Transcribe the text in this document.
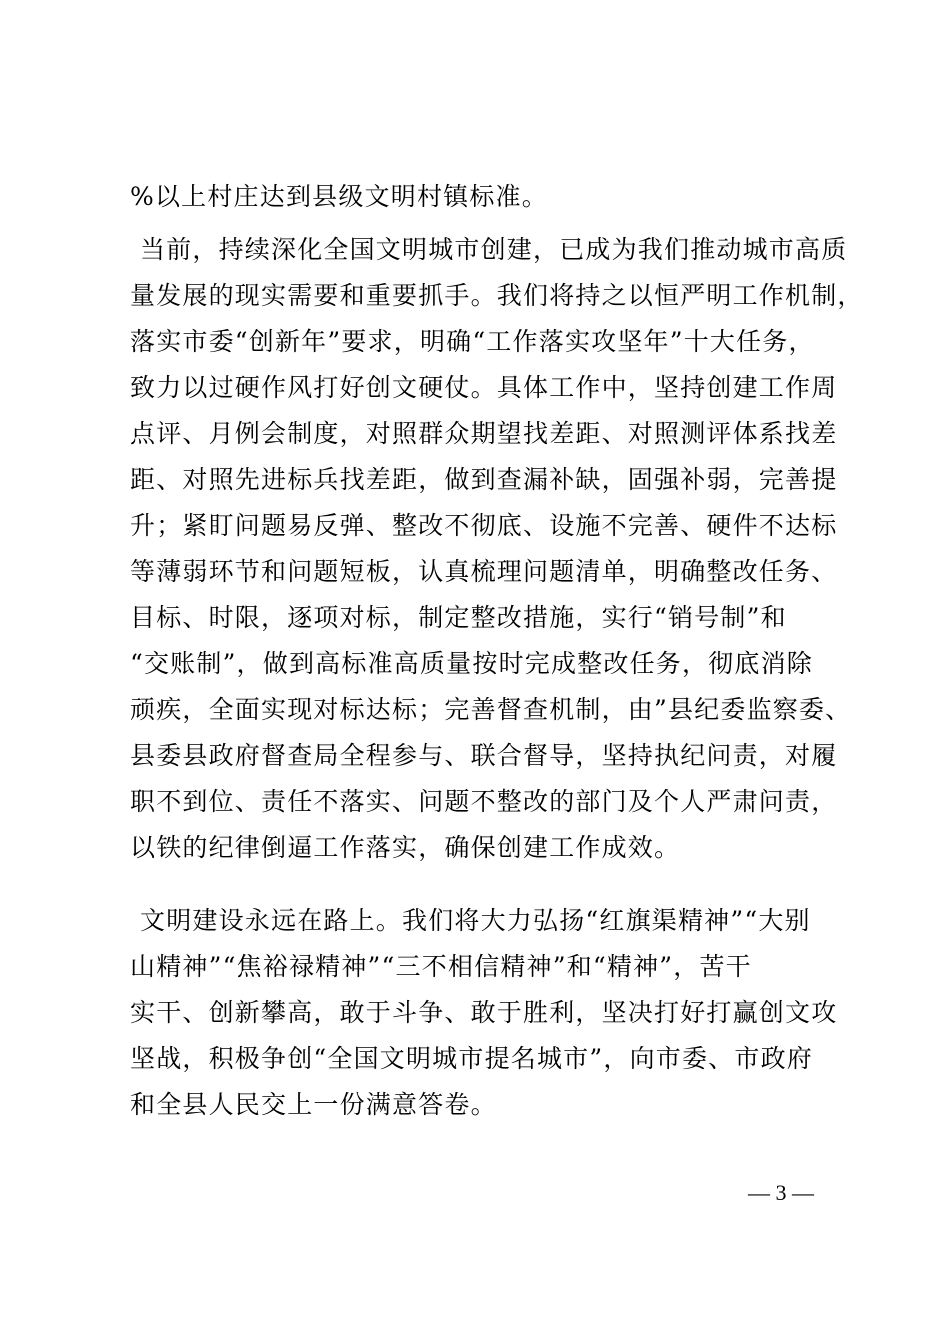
%以上村庄达到县级文明村镇标准。
当前，持续深化全国文明城市创建，已成为我们推动城市高质
量发展的现实需要和重要抓手。我们将持之以恒严明工作机制，
落实市委“创新年”要求，明确“工作落实攻坚年”十大任务，
致力以过硬作风打好创文硬仗。具体工作中，坚持创建工作周
点评、月例会制度，对照群众期望找差距、对照测评体系找差
距、对照先进标兵找差距，做到查漏补缺，固强补弱，完善提
升；紧盯问题易反弹、整改不彻底、设施不完善、硬件不达标
等薄弱环节和问题短板，认真梳理问题清单，明确整改任务、
目标、时限，逐项对标，制定整改措施，实行“销号制”和
“交账制”，做到高标准高质量按时完成整改任务，彻底消除
顽疾，全面实现对标达标；完善督查机制，由”县纪委监察委、
县委县政府督查局全程参与、联合督导，坚持执纪问责，对履
职不到位、责任不落实、问题不整改的部门及个人严肃问责，
以铁的纪律倒逼工作落实，确保创建工作成效。
文明建设永远在路上。我们将大力弘扬“红旗渠精神”“大别
山精神”“焦裕禄精神”“三不相信精神”和“精神”，苦干
实干、创新攀高，敢于斗争、敢于胜利，坚决打好打赢创文攻
坚战，积极争创“全国文明城市提名城市”，向市委、市政府
和全县人民交上一份满意答卷。
— 3 —
